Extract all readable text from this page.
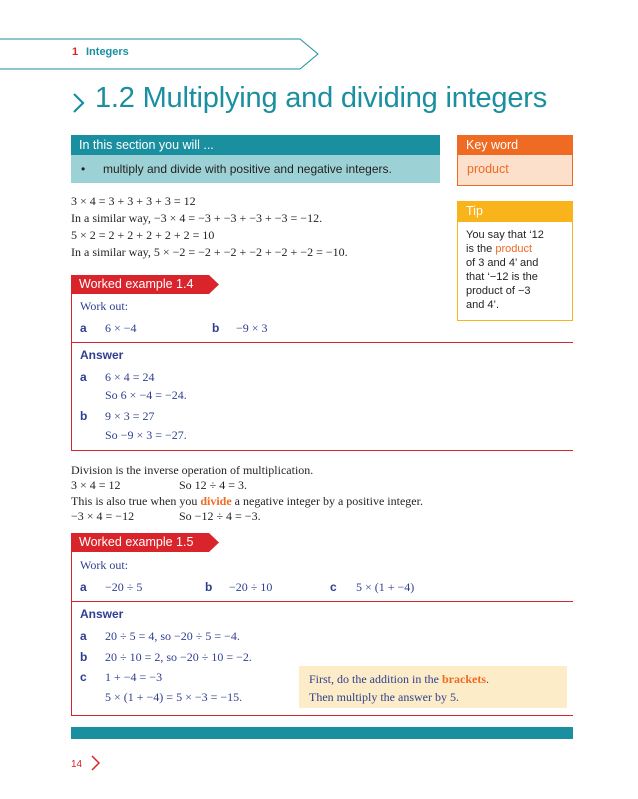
1 Integers
1.2 Multiplying and dividing integers
In this section you will ...
• multiply and divide with positive and negative integers.
Key word
product
Tip
You say that ‘12
is the product
of 3 and 4’ and
that ‘−12 is the
product of −3
and 4’.
3 × 4 = 3 + 3 + 3 + 3 = 12
In a similar way, −3 × 4 = −3 + −3 + −3 + −3 = −12.
5 × 2 = 2 + 2 + 2 + 2 + 2 = 10
In a similar way, 5 × −2 = −2 + −2 + −2 + −2 + −2 = −10.
Worked example 1.4
Work out:
a 6 × −4	b −9 × 3
Answer
a 6 × 4 = 24
So 6 × −4 = −24.
b 9 × 3 = 27
So −9 × 3 = −27.
Division is the inverse operation of multiplication.
3 × 4 = 12	So 12 ÷ 4 = 3.
This is also true when you divide a negative integer by a positive integer.
−3 × 4 = −12	So −12 ÷ 4 = −3.
Worked example 1.5
Work out:
a −20 ÷ 5	b −20 ÷ 10	c 5 × (1 + −4)
Answer
a 20 ÷ 5 = 4, so −20 ÷ 5 = −4.
b 20 ÷ 10 = 2, so −20 ÷ 10 = −2.
c 1 + −4 = −3
5 × (1 + −4) = 5 × −3 = −15.
First, do the addition in the brackets.
Then multiply the answer by 5.
14
